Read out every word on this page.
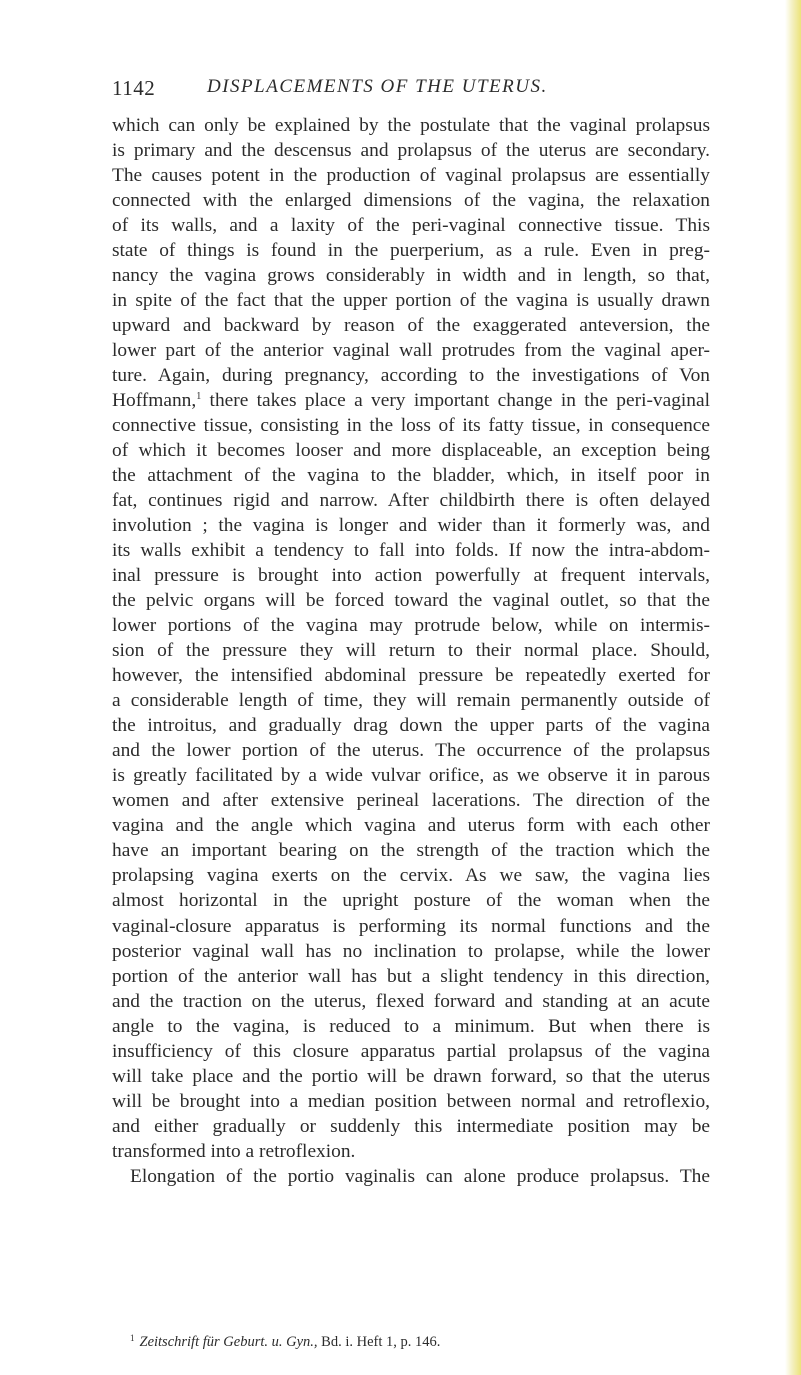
1142	DISPLACEMENTS OF THE UTERUS.
which can only be explained by the postulate that the vaginal prolapsus
is primary and the descensus and prolapsus of the uterus are secondary.
The causes potent in the production of vaginal prolapsus are essentially
connected with the enlarged dimensions of the vagina, the relaxation
of its walls, and a laxity of the peri-vaginal connective tissue. This
state of things is found in the puerperium, as a rule. Even in preg-
nancy the vagina grows considerably in width and in length, so that,
in spite of the fact that the upper portion of the vagina is usually drawn
upward and backward by reason of the exaggerated anteversion, the
lower part of the anterior vaginal wall protrudes from the vaginal aper-
ture. Again, during pregnancy, according to the investigations of Von
Hoffmann,$^1$ there takes place a very important change in the peri-vaginal
connective tissue, consisting in the loss of its fatty tissue, in consequence
of which it becomes looser and more displaceable, an exception being
the attachment of the vagina to the bladder, which, in itself poor in
fat, continues rigid and narrow. After childbirth there is often delayed
involution ; the vagina is longer and wider than it formerly was, and
its walls exhibit a tendency to fall into folds. If now the intra-abdom-
inal pressure is brought into action powerfully at frequent intervals,
the pelvic organs will be forced toward the vaginal outlet, so that the
lower portions of the vagina may protrude below, while on intermis-
sion of the pressure they will return to their normal place. Should,
however, the intensified abdominal pressure be repeatedly exerted for
a considerable length of time, they will remain permanently outside of
the introitus, and gradually drag down the upper parts of the vagina
and the lower portion of the uterus. The occurrence of the prolapsus
is greatly facilitated by a wide vulvar orifice, as we observe it in parous
women and after extensive perineal lacerations. The direction of the
vagina and the angle which vagina and uterus form with each other
have an important bearing on the strength of the traction which the
prolapsing vagina exerts on the cervix. As we saw, the vagina lies
almost horizontal in the upright posture of the woman when the
vaginal-closure apparatus is performing its normal functions and the
posterior vaginal wall has no inclination to prolapse, while the lower
portion of the anterior wall has but a slight tendency in this direction,
and the traction on the uterus, flexed forward and standing at an acute
angle to the vagina, is reduced to a minimum. But when there is
insufficiency of this closure apparatus partial prolapsus of the vagina
will take place and the portio will be drawn forward, so that the uterus
will be brought into a median position between normal and retroflexio,
and either gradually or suddenly this intermediate position may be
transformed into a retroflexion.
Elongation of the portio vaginalis can alone produce prolapsus. The
$^1$ Zeitschrift für Geburt. u. Gyn., Bd. i. Heft 1, p. 146.
